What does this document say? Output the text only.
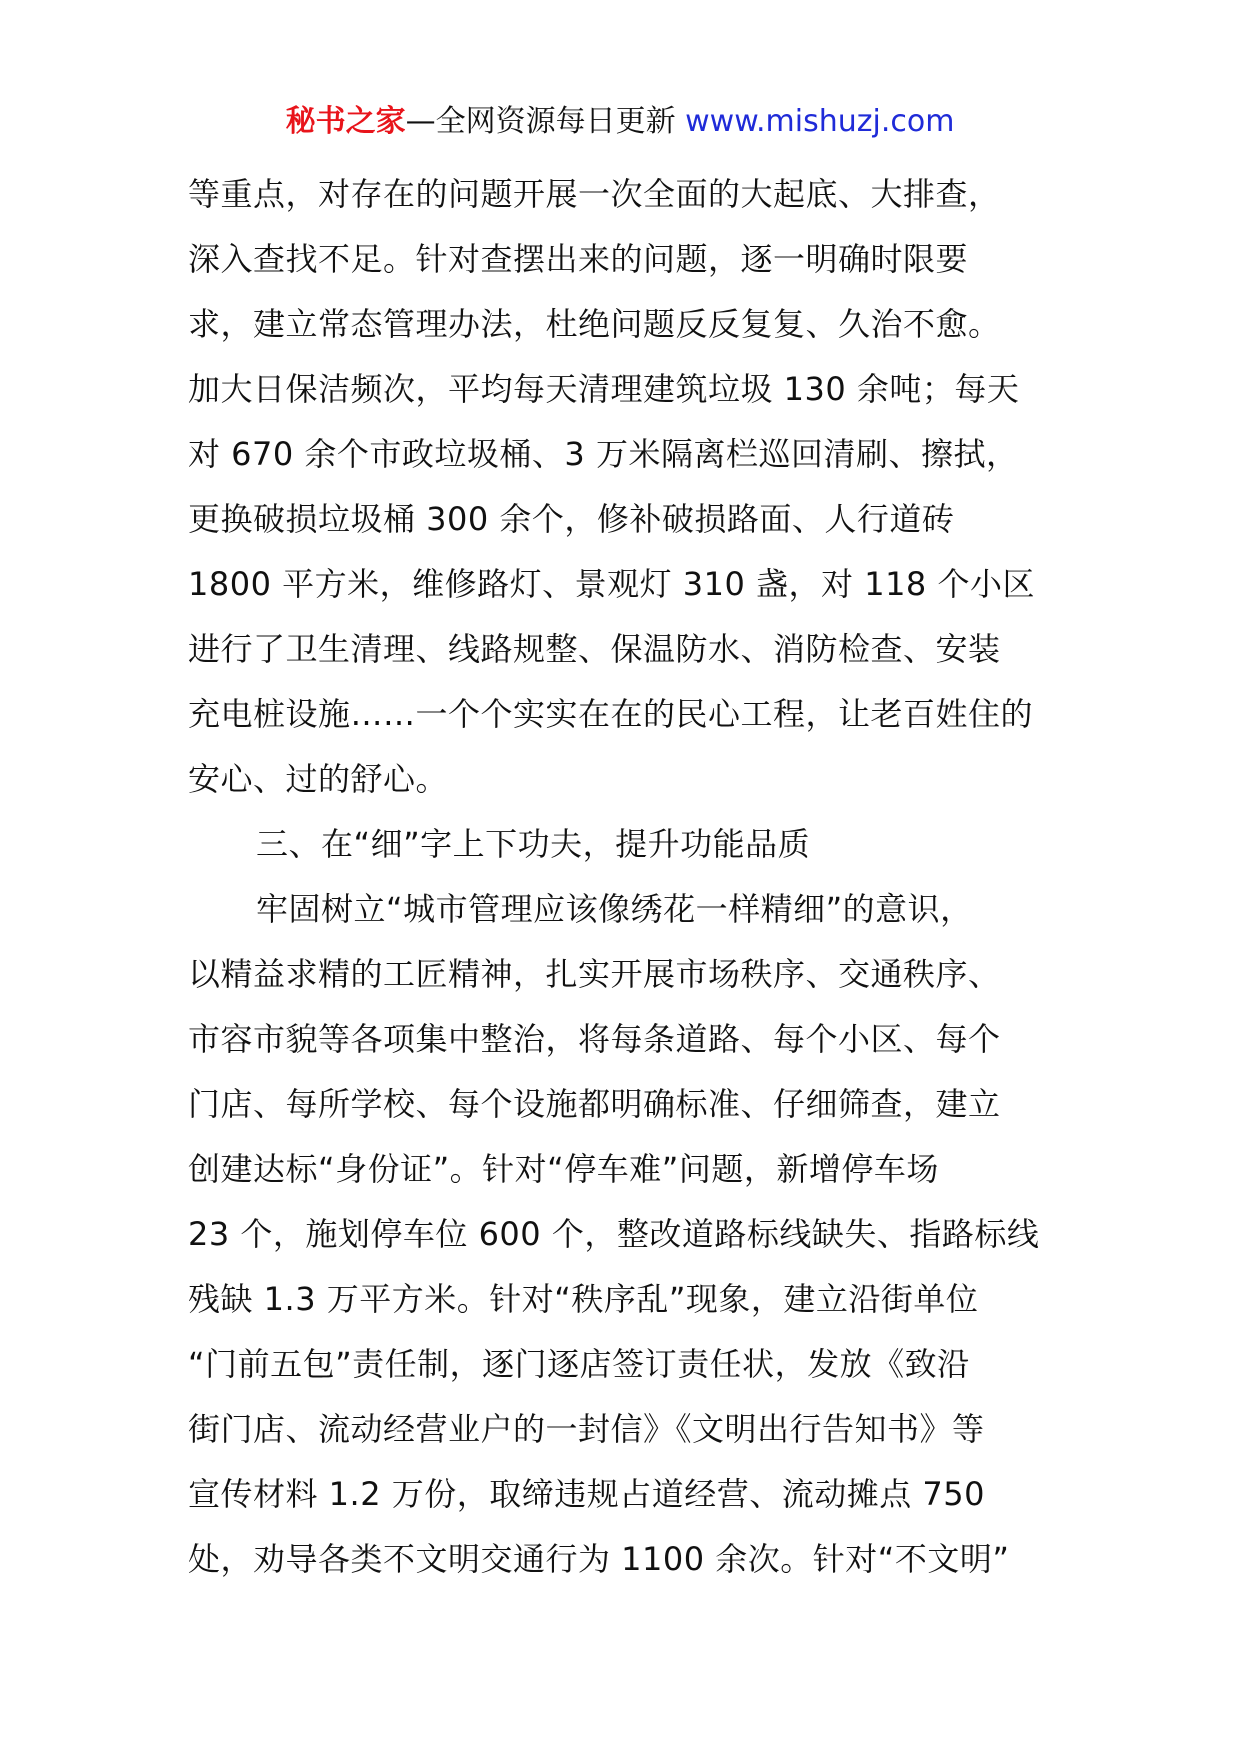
秘书之家—全网资源每日更新 www.mishuzj.com
等重点，对存在的问题开展一次全面的大起底、大排查，
深入查找不足。针对查摆出来的问题，逐一明确时限要
求，建立常态管理办法，杜绝问题反反复复、久治不愈。
加大日保洁频次，平均每天清理建筑垃圾 130 余吨；每天
对 670 余个市政垃圾桶、3 万米隔离栏巡回清刷、擦拭，
更换破损垃圾桶 300 余个，修补破损路面、人行道砖
1800 平方米，维修路灯、景观灯 310 盏，对 118 个小区
进行了卫生清理、线路规整、保温防水、消防检查、安装
充电桩设施……一个个实实在在的民心工程，让老百姓住的
安心、过的舒心。
三、在“细”字上下功夫，提升功能品质
牢固树立“城市管理应该像绣花一样精细”的意识，
以精益求精的工匠精神，扎实开展市场秩序、交通秩序、
市容市貌等各项集中整治，将每条道路、每个小区、每个
门店、每所学校、每个设施都明确标准、仔细筛查，建立
创建达标“身份证”。针对“停车难”问题，新增停车场
23 个，施划停车位 600 个，整改道路标线缺失、指路标线
残缺 1.3 万平方米。针对“秩序乱”现象，建立沿街单位
“门前五包”责任制，逐门逐店签订责任状，发放《致沿
街门店、流动经营业户的一封信》《文明出行告知书》等
宣传材料 1.2 万份，取缔违规占道经营、流动摊点 750
处，劝导各类不文明交通行为 1100 余次。针对“不文明”
